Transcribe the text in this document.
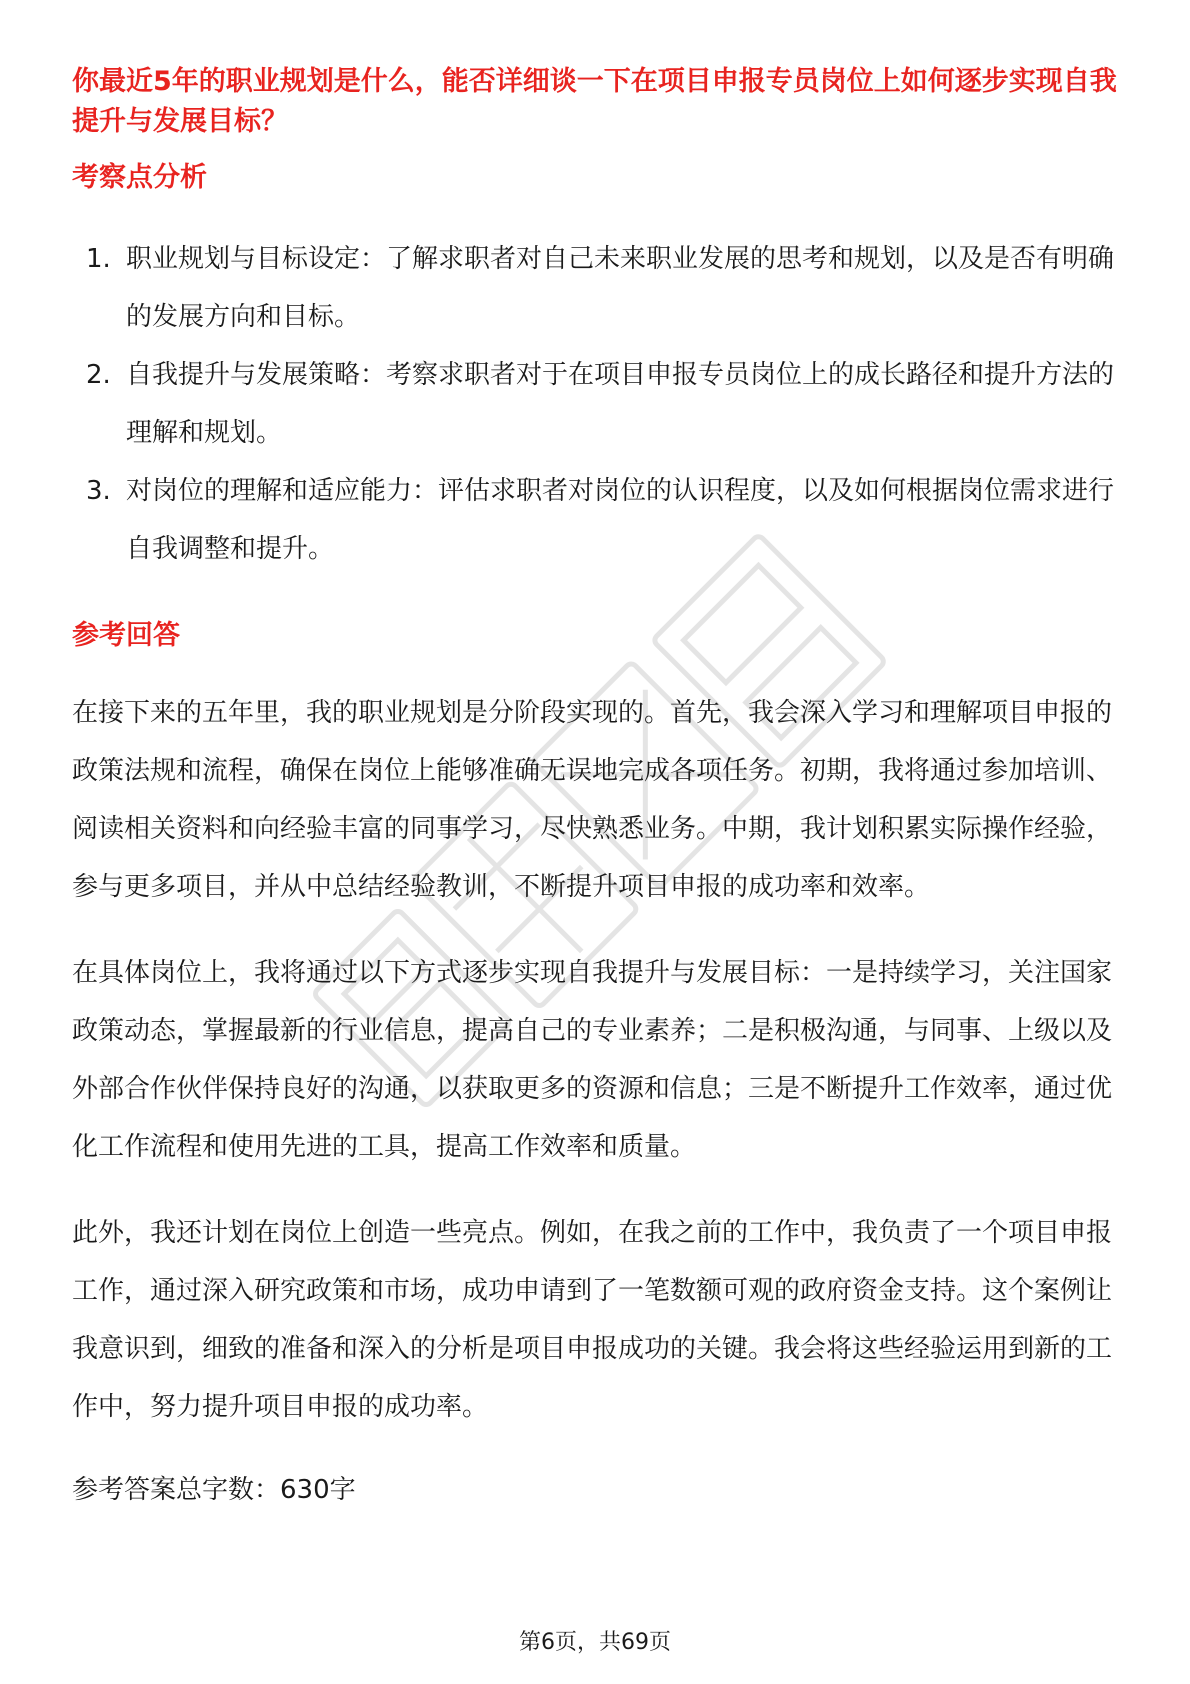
你最近5年的职业规划是什么，能否详细谈一下在项目申报专员岗位上如何逐步实现自我提升与发展目标？

考察点分析
1. 职业规划与目标设定：了解求职者对自己未来职业发展的思考和规划，以及是否有明确的发展方向和目标。
2. 自我提升与发展策略：考察求职者对于在项目申报专员岗位上的成长路径和提升方法的理解和规划。
3. 对岗位的理解和适应能力：评估求职者对岗位的认识程度，以及如何根据岗位需求进行自我调整和提升。
参考回答

在接下来的五年里，我的职业规划是分阶段实现的。首先，我会深入学习和理解项目申报的政策法规和流程，确保在岗位上能够准确无误地完成各项任务。初期，我将通过参加培训、阅读相关资料和向经验丰富的同事学习，尽快熟悉业务。中期，我计划积累实际操作经验，参与更多项目，并从中总结经验教训，不断提升项目申报的成功率和效率。

在具体岗位上，我将通过以下方式逐步实现自我提升与发展目标：一是持续学习，关注国家政策动态，掌握最新的行业信息，提高自己的专业素养；二是积极沟通，与同事、上级以及外部合作伙伴保持良好的沟通，以获取更多的资源和信息；三是不断提升工作效率，通过优化工作流程和使用先进的工具，提高工作效率和质量。

此外，我还计划在岗位上创造一些亮点。例如，在我之前的工作中，我负责了一个项目申报工作，通过深入研究政策和市场，成功申请到了一笔数额可观的政府资金支持。这个案例让我意识到，细致的准备和深入的分析是项目申报成功的关键。我会将这些经验运用到新的工作中，努力提升项目申报的成功率。

参考答案总字数：630字

第6页，共69页
